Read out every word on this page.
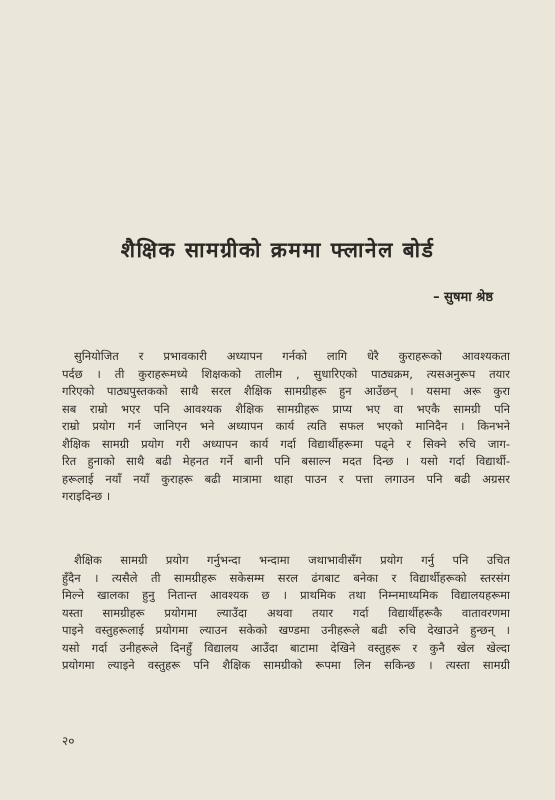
शैक्षिक सामग्रीको क्रममा फ्लानेल बोर्ड
– सुषमा श्रेष्ठ
सुनियोजित र प्रभावकारी अध्यापन गर्नको लागि धेरै कुराहरूको आवश्यकता
पर्दछ । ती कुराहरूमध्ये शिक्षकको तालीम , सुधारिएको पाठ्यक्रम, त्यसअनुरूप तयार
गरिएको पाठ्यपुस्तकको साथै सरल शैक्षिक सामग्रीहरू हुन आउँछन् । यसमा अरू कुरा
सब राम्रो भएर पनि आवश्यक शैक्षिक सामग्रीहरू प्राप्य भए वा भएकै सामग्री पनि
राम्रो प्रयोग गर्न जानिएन भने अध्यापन कार्य त्यति सफल भएको मानिदैन । किनभने
शैक्षिक सामग्री प्रयोग गरी अध्यापन कार्य गर्दा विद्यार्थीहरूमा पढ्ने र सिक्ने रुचि जाग-
रित हुनाको साथै बढी मेहनत गर्ने बानी पनि बसाल्न मदत दिन्छ । यसो गर्दा विद्यार्थी-
हरूलाई नयाँ नयाँ कुराहरू बढी मात्रामा थाहा पाउन र पत्ता लगाउन पनि बढी अग्रसर
गराइदिन्छ ।
शैक्षिक सामग्री प्रयोग गर्नुभन्दा भन्दामा जथाभावीसँग प्रयोग गर्नु पनि उचित
हुँदैन । त्यसैले ती सामग्रीहरू सकेसम्म सरल ढंगबाट बनेका र विद्यार्थीहरूको स्तरसंग
मिल्ने खालका हुनु नितान्त आवश्यक छ । प्राथमिक तथा निम्नमाध्यमिक विद्यालयहरूमा
यस्ता सामग्रीहरू प्रयोगमा ल्याउँदा अथवा तयार गर्दा विद्यार्थीहरूकै वातावरणमा
पाइने वस्तुहरूलाई प्रयोगमा ल्याउन सकेको खण्डमा उनीहरूले बढी रुचि देखाउने हुन्छन् ।
यसो गर्दा उनीहरूले दिनहुँ विद्यालय आउँदा बाटामा देखिने वस्तुहरू र कुनै खेल खेल्दा
प्रयोगमा ल्याइने वस्तुहरू पनि शैक्षिक सामग्रीको रूपमा लिन सकिन्छ । त्यस्ता सामग्री
२०
